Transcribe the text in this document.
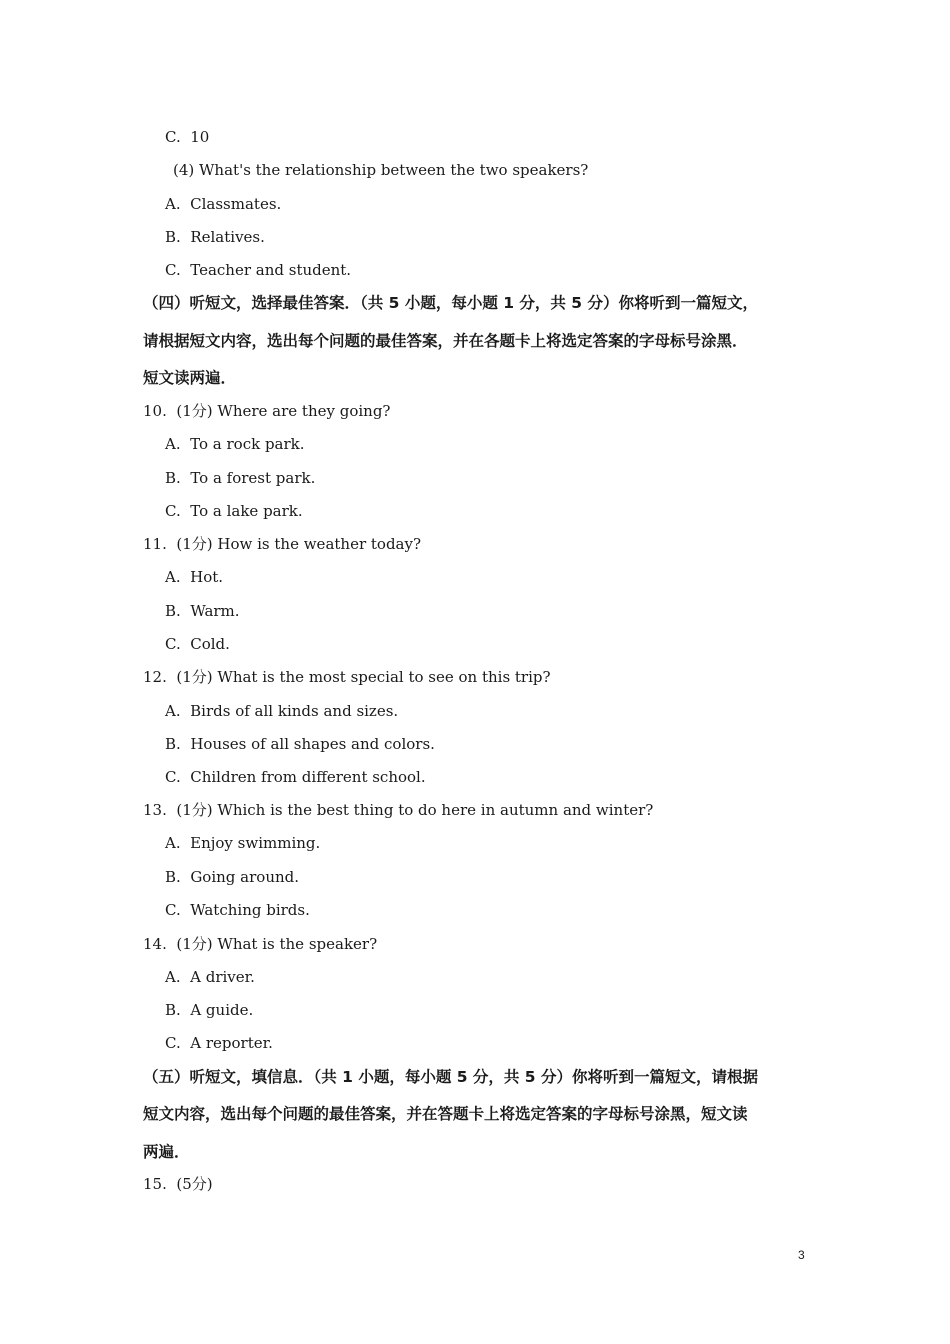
C.  10
(4) What's the relationship between the two speakers?
A.  Classmates.
B.  Relatives.
C.  Teacher and student.
（四）听短文，选择最佳答案．（共 5 小题，每小题 1 分，共 5 分）你将听到一篇短文，
请根据短文内容，选出每个问题的最佳答案，并在各题卡上将选定答案的字母标号涂黑．
短文读两遍．
10.  (1分) Where are they going?
A.  To a rock park.
B.  To a forest park.
C.  To a lake park.
11.  (1分) How is the weather today?
A.  Hot.
B.  Warm.
C.  Cold.
12.  (1分) What is the most special to see on this trip?
A.  Birds of all kinds and sizes.
B.  Houses of all shapes and colors.
C.  Children from different school.
13.  (1分) Which is the best thing to do here in autumn and winter?
A.  Enjoy swimming.
B.  Going around.
C.  Watching birds.
14.  (1分) What is the speaker?
A.  A driver.
B.  A guide.
C.  A reporter.
（五）听短文，填信息．（共 1 小题，每小题 5 分，共 5 分）你将听到一篇短文，请根据
短文内容，选出每个问题的最佳答案，并在答题卡上将选定答案的字母标号涂黑，短文读
两遍．
15.  (5分)
3
